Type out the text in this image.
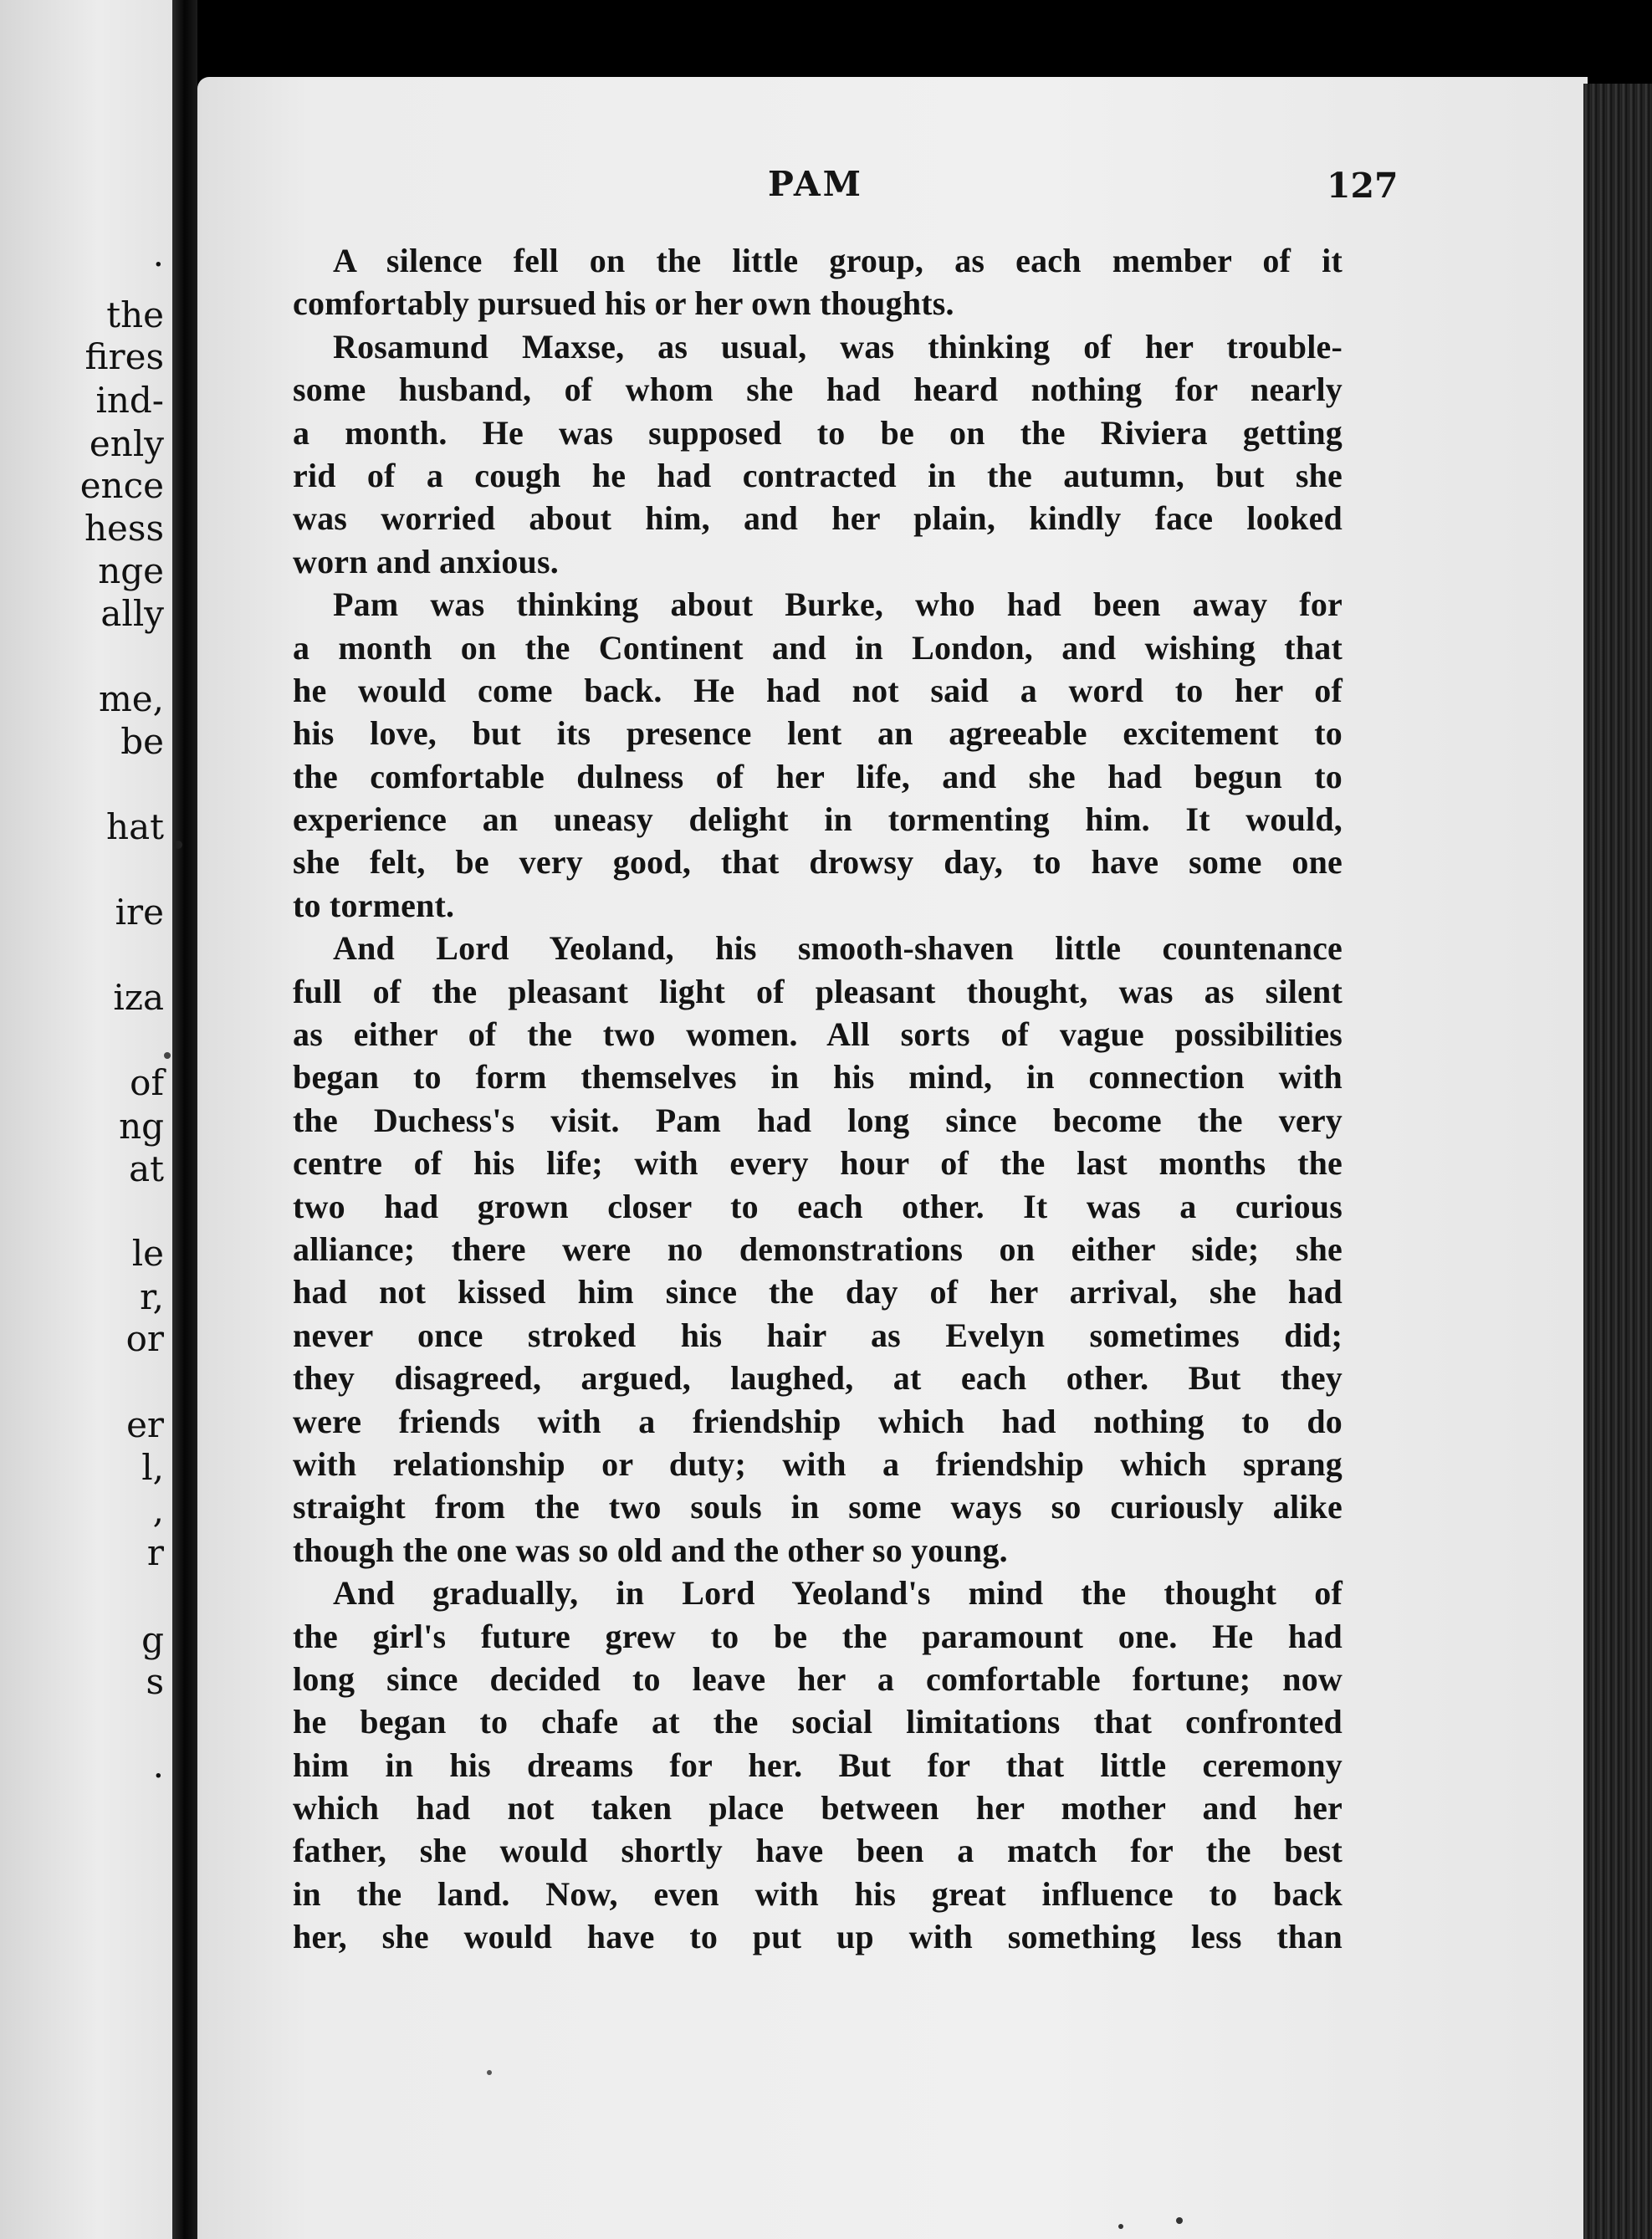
.
the
fires
ind-
enly
ence
hess
nge
ally
me,
be
hat
ire
iza
of
ng
at
le
r,
or
er
l,
,
r
g
s
.
PAM	127
A silence fell on the little group, as each member of it
comfortably pursued his or her own thoughts.
Rosamund Maxse, as usual, was thinking of her trouble-
some husband, of whom she had heard nothing for nearly
a month. He was supposed to be on the Riviera getting
rid of a cough he had contracted in the autumn, but she
was worried about him, and her plain, kindly face looked
worn and anxious.
Pam was thinking about Burke, who had been away for
a month on the Continent and in London, and wishing that
he would come back. He had not said a word to her of
his love, but its presence lent an agreeable excitement to
the comfortable dulness of her life, and she had begun to
experience an uneasy delight in tormenting him. It would,
she felt, be very good, that drowsy day, to have some one
to torment.
And Lord Yeoland, his smooth-shaven little countenance
full of the pleasant light of pleasant thought, was as silent
as either of the two women. All sorts of vague possibilities
began to form themselves in his mind, in connection with
the Duchess's visit. Pam had long since become the very
centre of his life; with every hour of the last months the
two had grown closer to each other. It was a curious
alliance; there were no demonstrations on either side; she
had not kissed him since the day of her arrival, she had
never once stroked his hair as Evelyn sometimes did;
they disagreed, argued, laughed, at each other. But they
were friends with a friendship which had nothing to do
with relationship or duty; with a friendship which sprang
straight from the two souls in some ways so curiously alike
though the one was so old and the other so young.
And gradually, in Lord Yeoland's mind the thought of
the girl's future grew to be the paramount one. He had
long since decided to leave her a comfortable fortune; now
he began to chafe at the social limitations that confronted
him in his dreams for her. But for that little ceremony
which had not taken place between her mother and her
father, she would shortly have been a match for the best
in the land. Now, even with his great influence to back
her, she would have to put up with something less than
